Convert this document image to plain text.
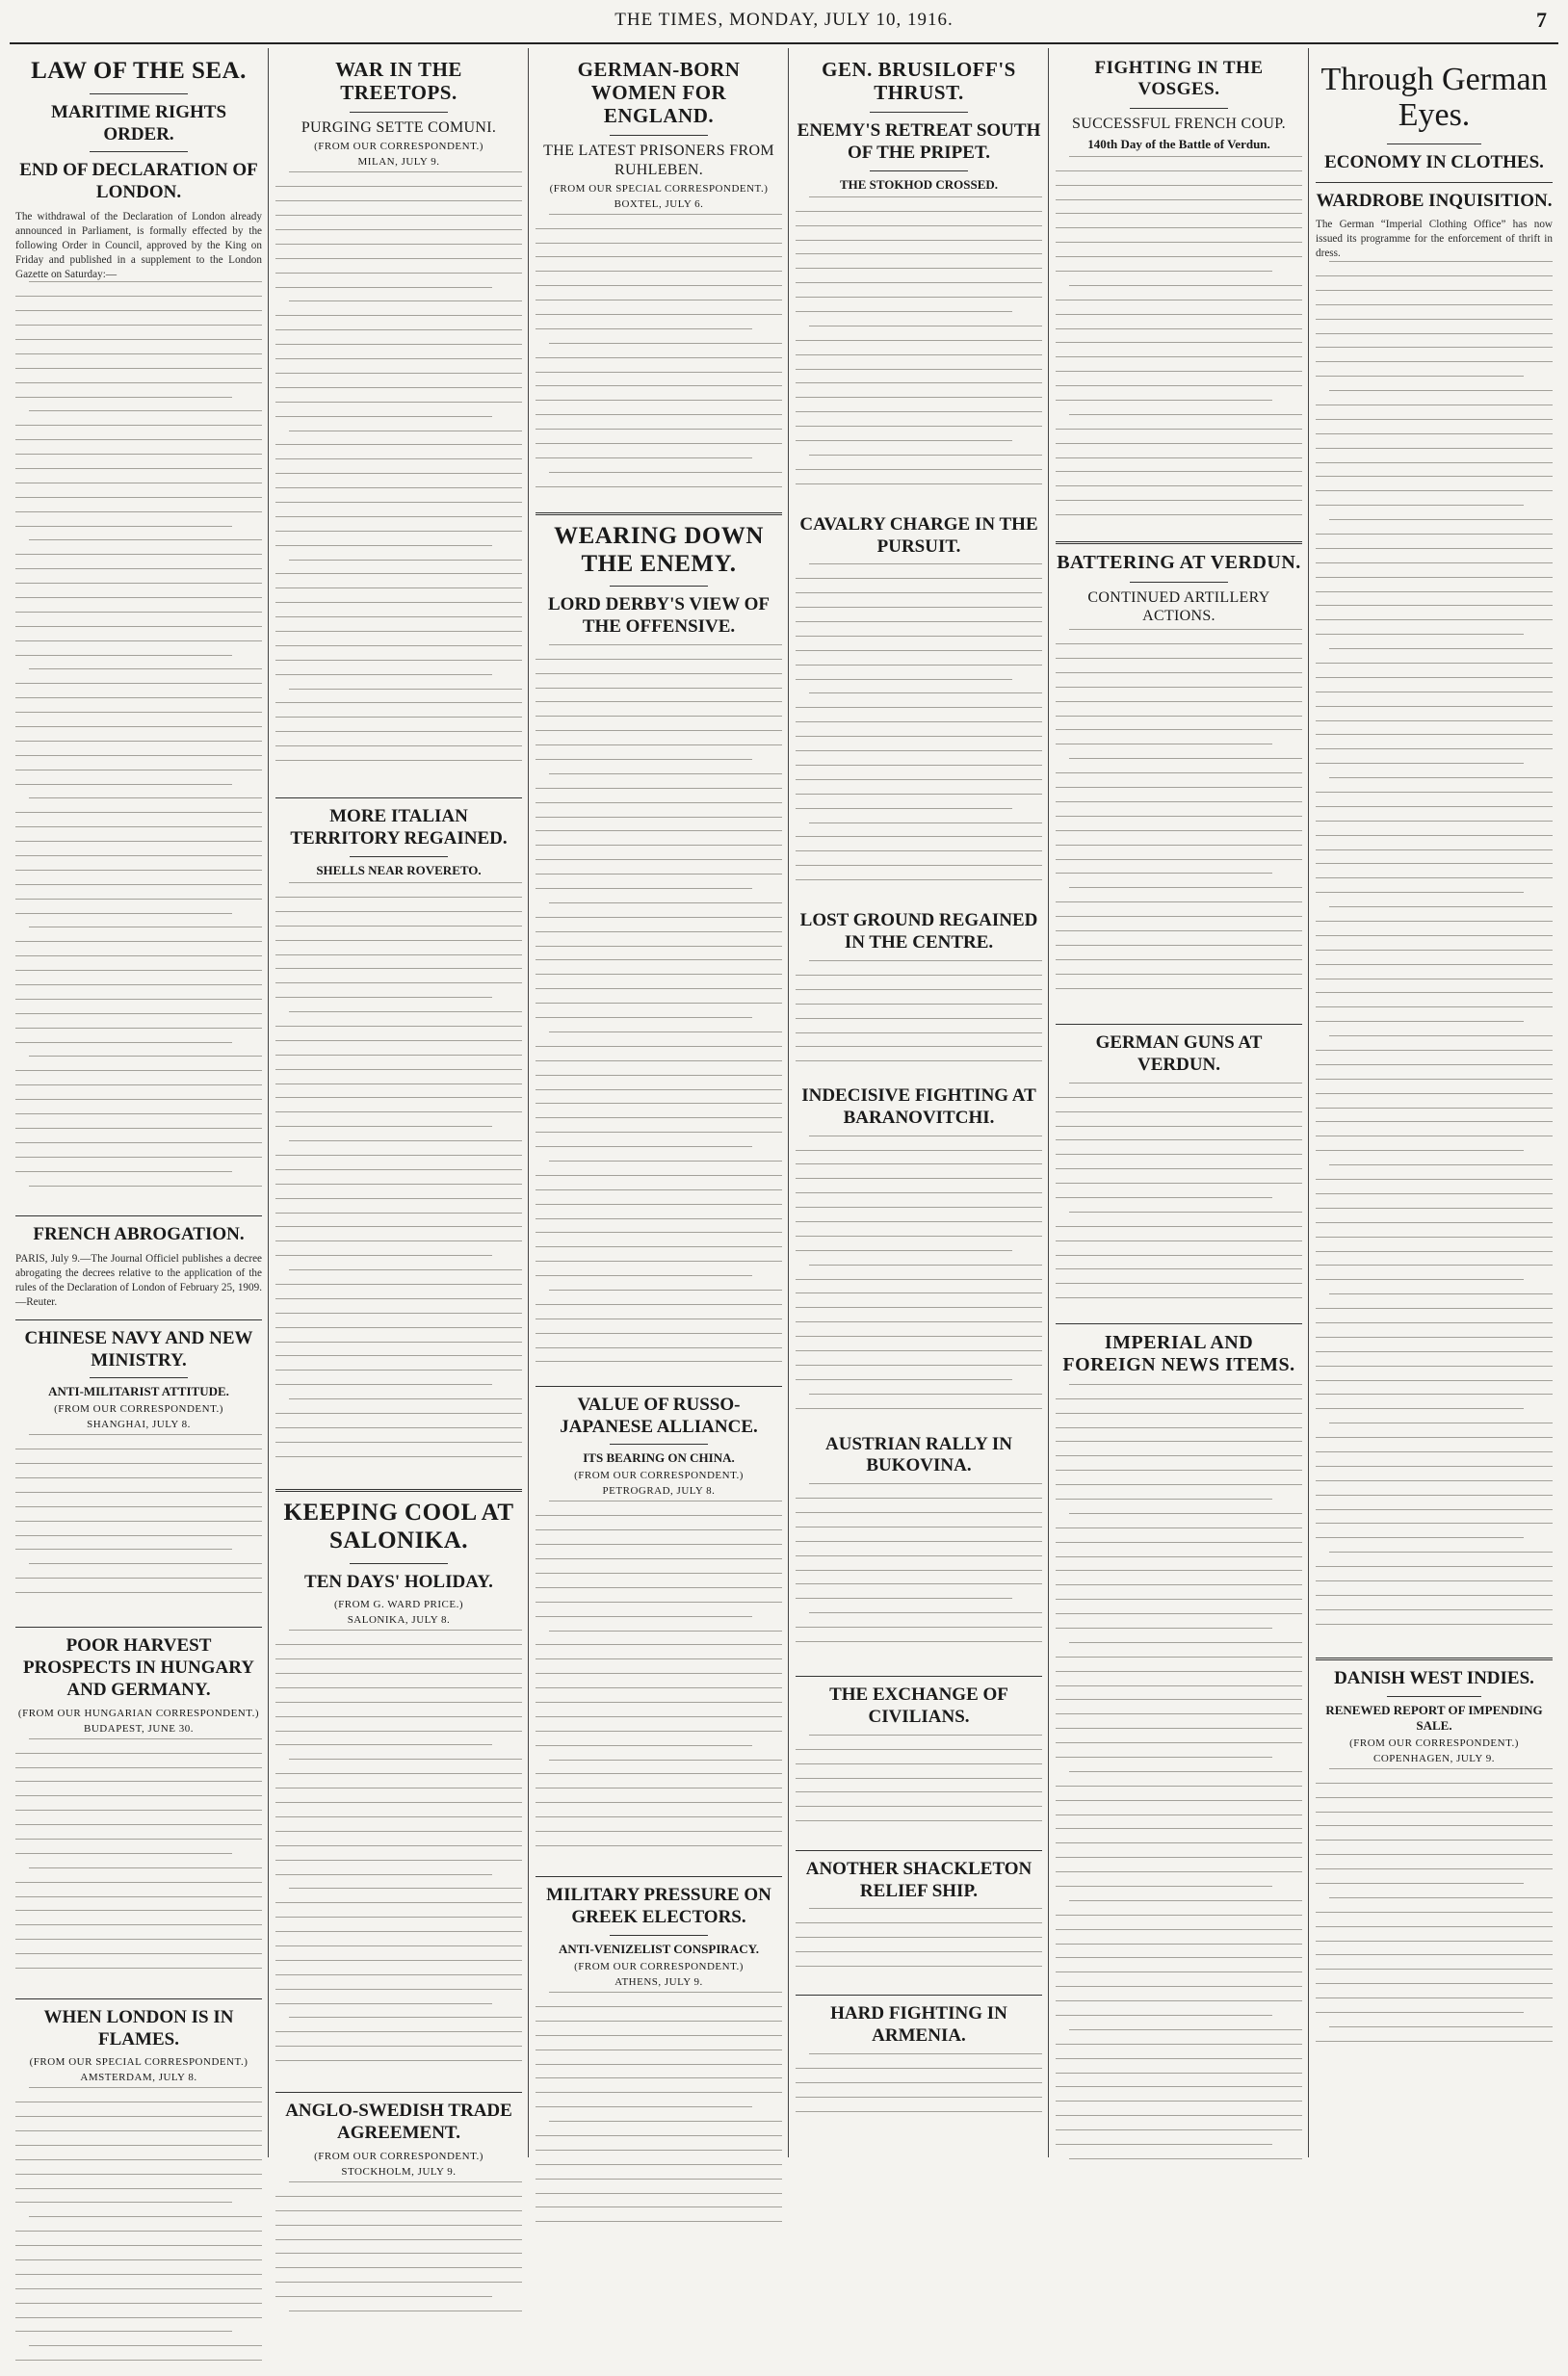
THE TIMES, MONDAY, JULY 10, 1916.	7
LAW OF THE SEA.
MARITIME RIGHTS ORDER.
END OF DECLARATION OF LONDON.
The withdrawal of the Declaration of London already announced in Parliament, is formally effected by the following Order in Council, approved by the King on Friday and published in a supplement to the London Gazette on Saturday:—
FRENCH ABROGATION.
PARIS, July 9.—The Journal Officiel publishes a decree abrogating the decrees relative to the application of the rules of the Declaration of London of February 25, 1909.—Reuter.
CHINESE NAVY AND NEW MINISTRY.
ANTI-MILITARIST ATTITUDE.
(FROM OUR CORRESPONDENT.)
SHANGHAI, JULY 8.
POOR HARVEST PROSPECTS IN HUNGARY AND GERMANY.
(FROM OUR HUNGARIAN CORRESPONDENT.)
BUDAPEST, JUNE 30.
WHEN LONDON IS IN FLAMES.
(FROM OUR SPECIAL CORRESPONDENT.)
AMSTERDAM, JULY 8.
WAR IN THE TREETOPS.
PURGING SETTE COMUNI.
(FROM OUR CORRESPONDENT.)
MILAN, JULY 9.
MORE ITALIAN TERRITORY REGAINED.
SHELLS NEAR ROVERETO.
KEEPING COOL AT SALONIKA.
TEN DAYS' HOLIDAY.
(FROM G. WARD PRICE.)
SALONIKA, JULY 8.
ANGLO-SWEDISH TRADE AGREEMENT.
(FROM OUR CORRESPONDENT.)
STOCKHOLM, JULY 9.
GERMAN-BORN WOMEN FOR ENGLAND.
THE LATEST PRISONERS FROM RUHLEBEN.
(FROM OUR SPECIAL CORRESPONDENT.)
BOXTEL, JULY 6.
WEARING DOWN THE ENEMY.
LORD DERBY'S VIEW OF THE OFFENSIVE.
VALUE OF RUSSO-JAPANESE ALLIANCE.
ITS BEARING ON CHINA.
(FROM OUR CORRESPONDENT.)
PETROGRAD, JULY 8.
MILITARY PRESSURE ON GREEK ELECTORS.
ANTI-VENIZELIST CONSPIRACY.
(FROM OUR CORRESPONDENT.)
ATHENS, JULY 9.
GEN. BRUSILOFF'S THRUST.
ENEMY'S RETREAT SOUTH OF THE PRIPET.
THE STOKHOD CROSSED.
CAVALRY CHARGE IN THE PURSUIT.
LOST GROUND REGAINED IN THE CENTRE.
INDECISIVE FIGHTING AT BARANOVITCHI.
AUSTRIAN RALLY IN BUKOVINA.
THE EXCHANGE OF CIVILIANS.
ANOTHER SHACKLETON RELIEF SHIP.
HARD FIGHTING IN ARMENIA.
FIGHTING IN THE VOSGES.
SUCCESSFUL FRENCH COUP.
140th Day of the Battle of Verdun.
BATTERING AT VERDUN.
CONTINUED ARTILLERY ACTIONS.
GERMAN GUNS AT VERDUN.
IMPERIAL AND FOREIGN NEWS ITEMS.
Through German Eyes.
ECONOMY IN CLOTHES.
WARDROBE INQUISITION.
The German “Imperial Clothing Office” has now issued its programme for the enforcement of thrift in dress.
DANISH WEST INDIES.
RENEWED REPORT OF IMPENDING SALE.
(FROM OUR CORRESPONDENT.)
COPENHAGEN, JULY 9.
